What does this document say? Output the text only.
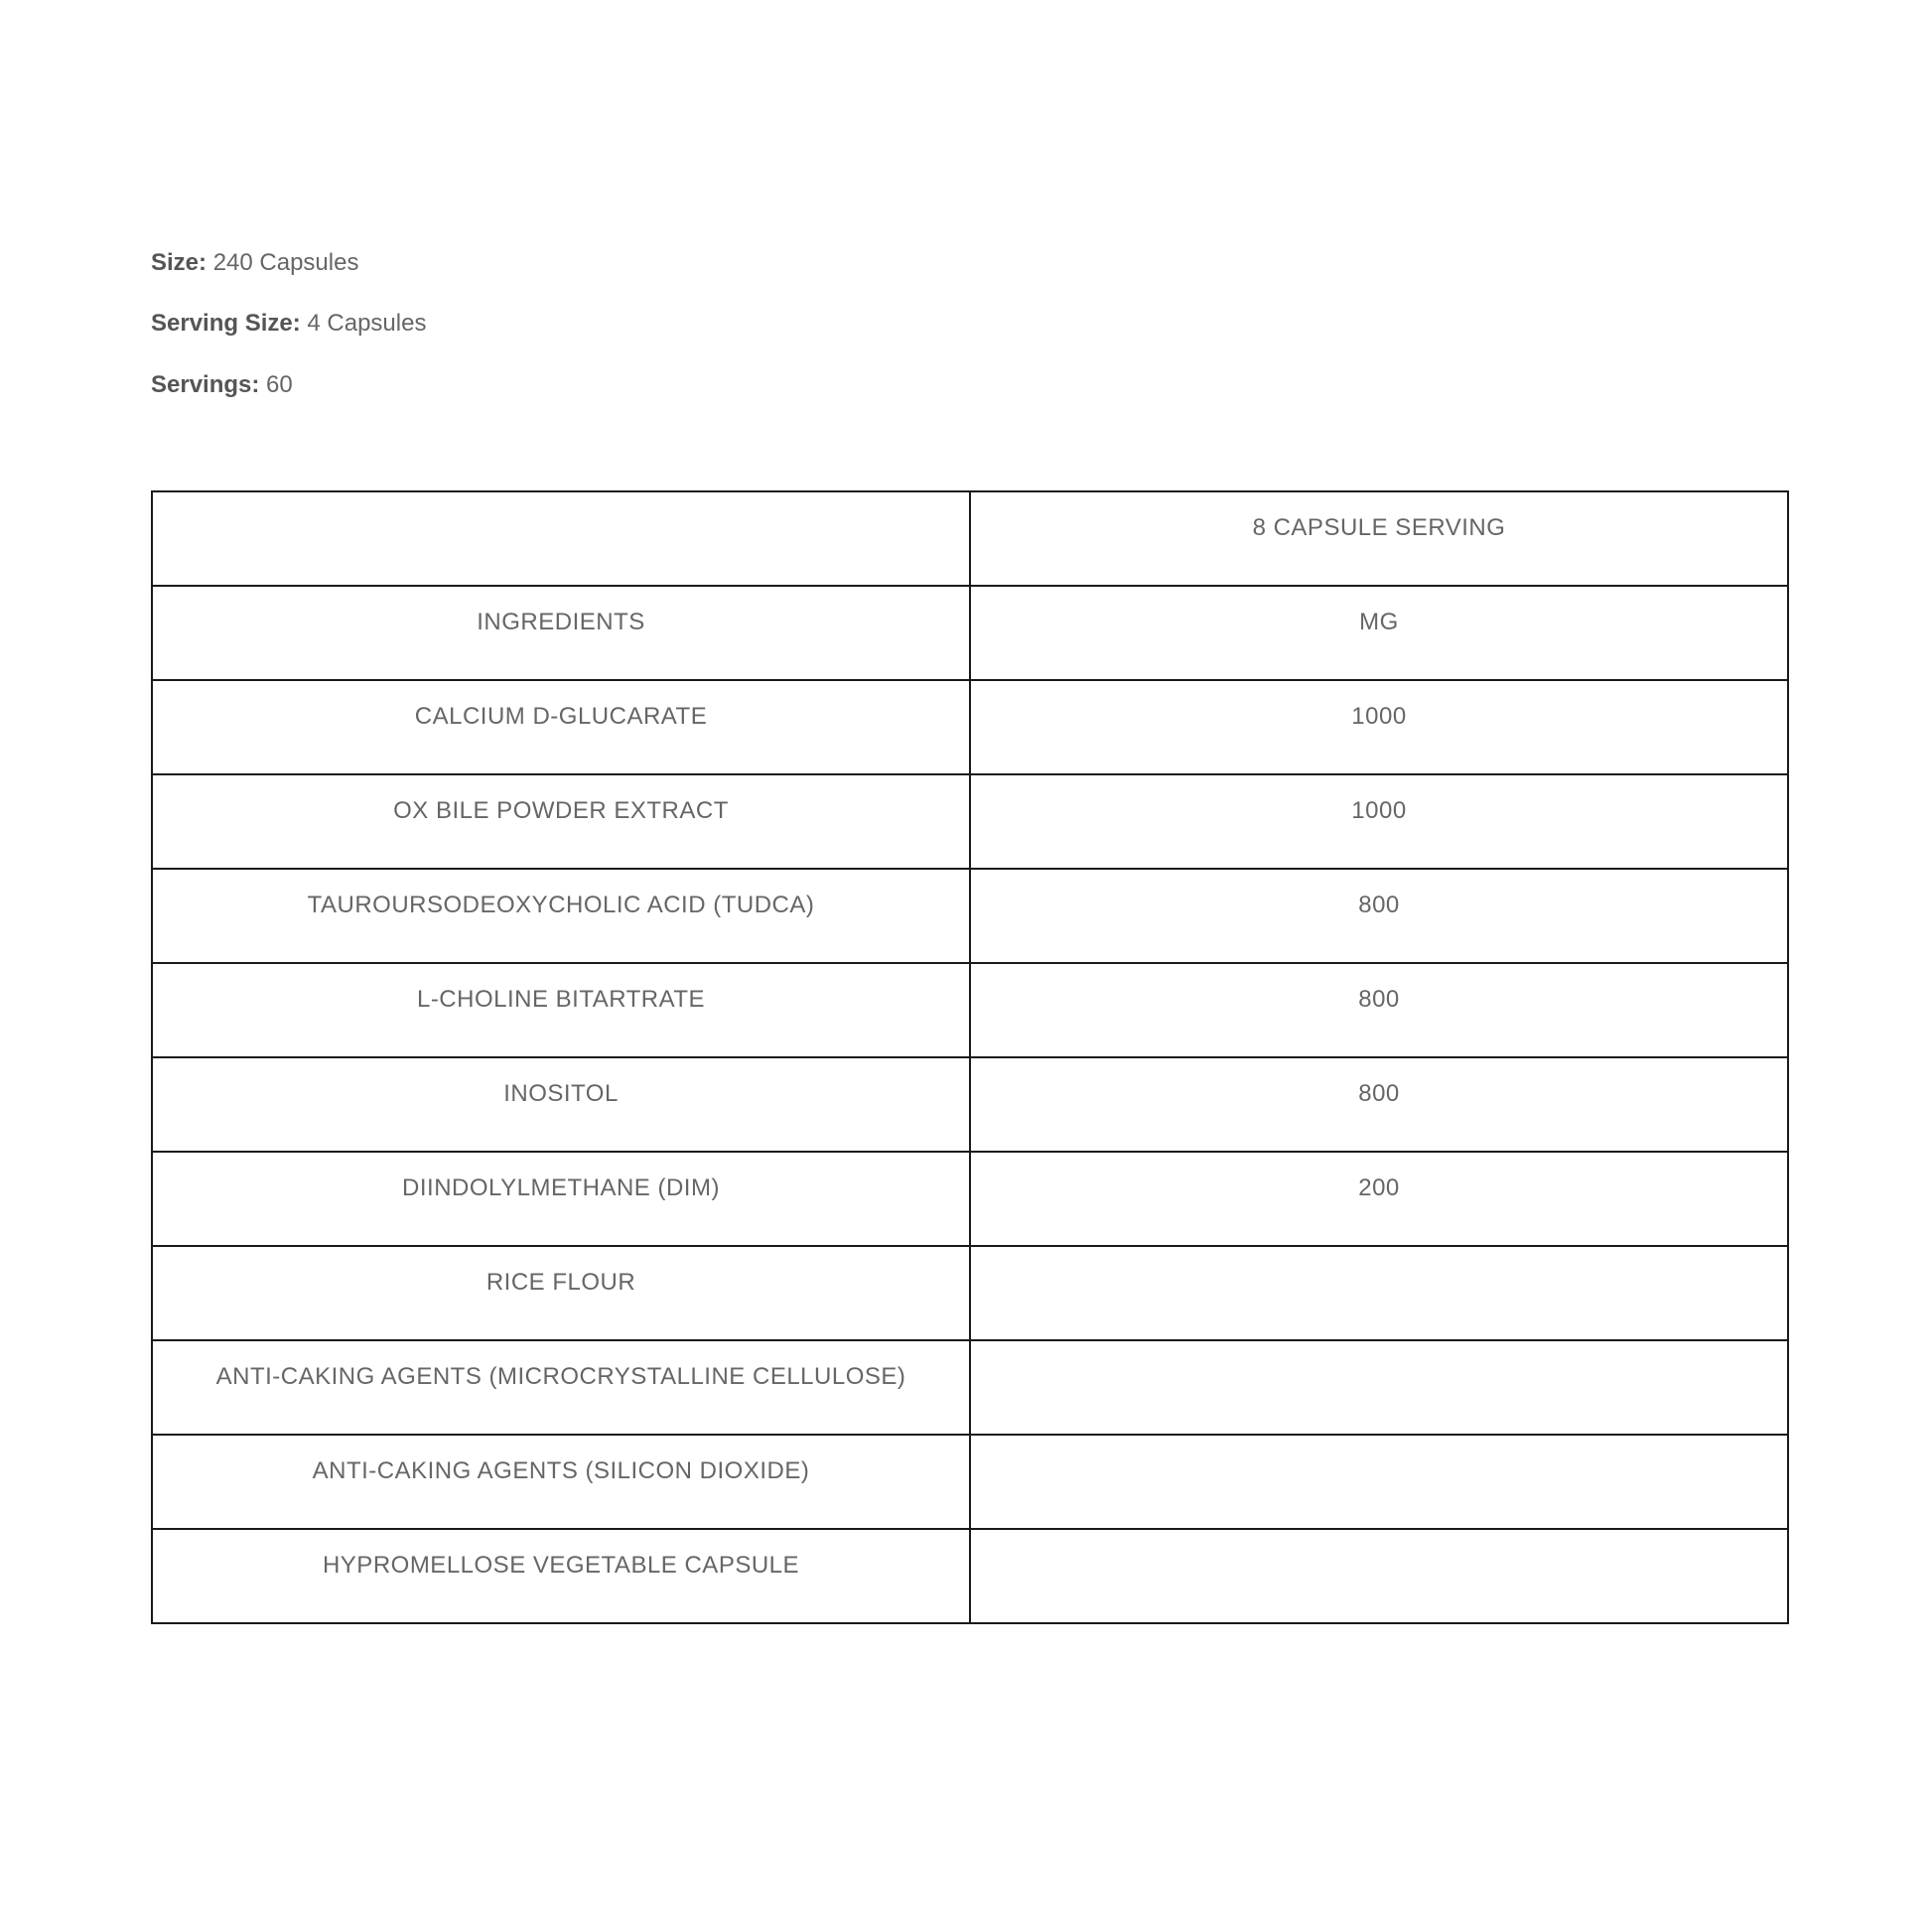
Size: 240 Capsules
Serving Size: 4 Capsules
Servings: 60

	8 CAPSULE SERVING

INGREDIENTS	MG

CALCIUM D-GLUCARATE	1000

OX BILE POWDER EXTRACT	1000

TAUROURSODEOXYCHOLIC ACID (TUDCA)	800

L-CHOLINE BITARTRATE	800

INOSITOL	800

DIINDOLYLMETHANE (DIM)	200

RICE FLOUR	

ANTI-CAKING AGENTS (MICROCRYSTALLINE CELLULOSE)	

ANTI-CAKING AGENTS (SILICON DIOXIDE)	

HYPROMELLOSE VEGETABLE CAPSULE	
